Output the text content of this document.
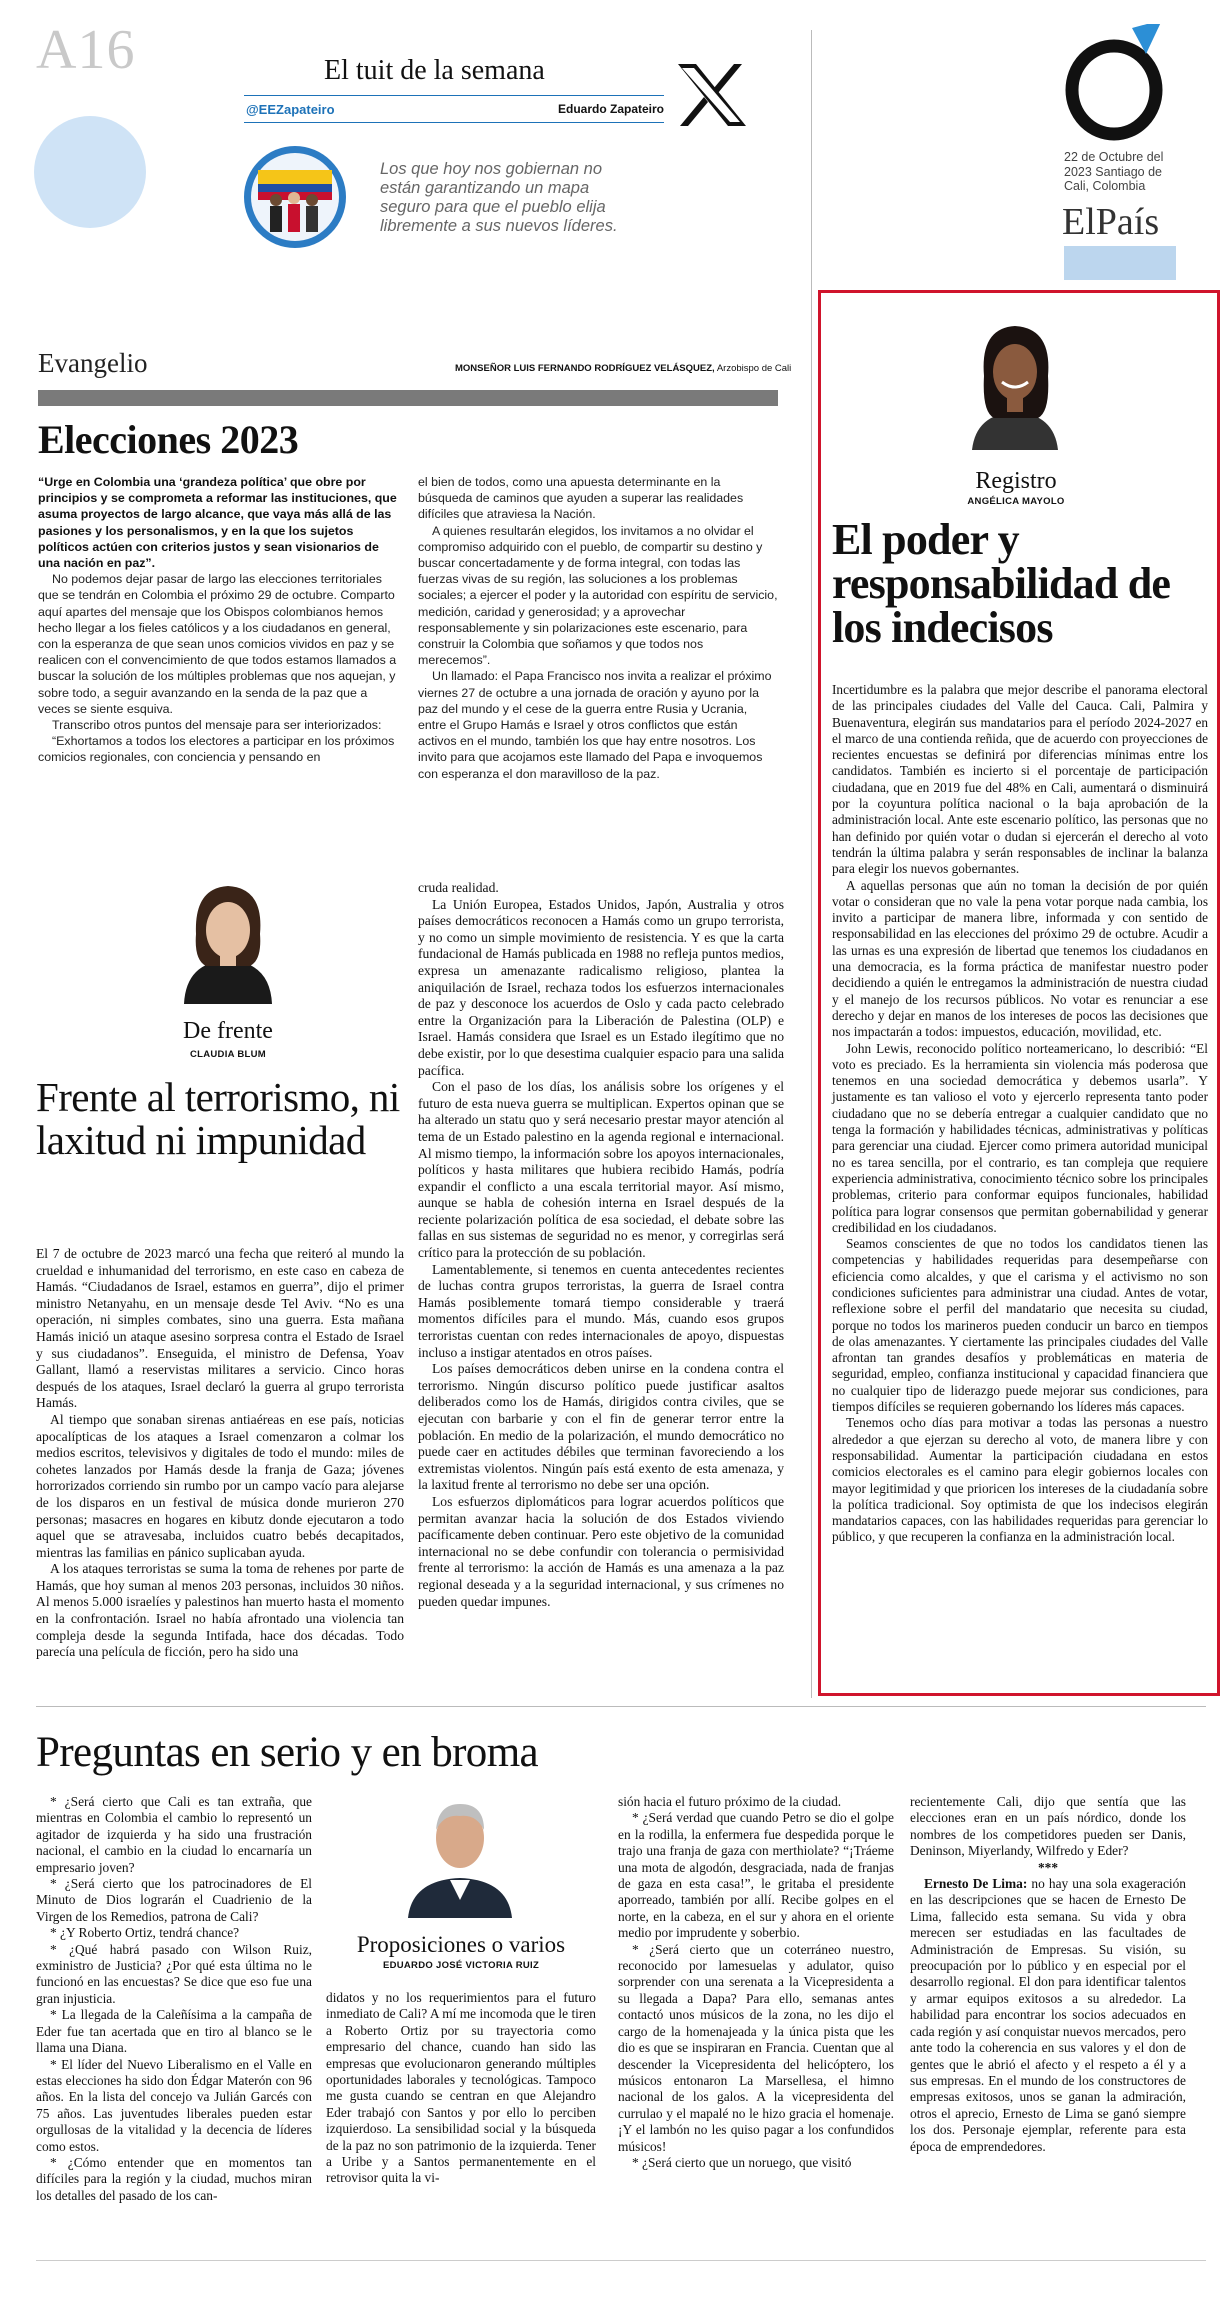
A16	El tuit de la semana
@EEZapateiro	Eduardo Zapateiro
Los que hoy nos gobiernan no están garantizando un mapa seguro para que el pueblo elija libremente a sus nuevos líderes.
22 de Octubre del 2023 Santiago de Cali, Colombia
ElPaís
Evangelio	MONSEÑOR LUIS FERNANDO RODRÍGUEZ VELÁSQUEZ, Arzobispo de Cali
Elecciones 2023

“Urge en Colombia una ‘grandeza política’ que obre por principios y se comprometa a reformar las instituciones, que asuma proyectos de largo alcance, que vaya más allá de las pasiones y los personalismos, y en la que los sujetos políticos actúen con criterios justos y sean visionarios de una nación en paz”.

No podemos dejar pasar de largo las elecciones territoriales que se tendrán en Colombia el próximo 29 de octubre. Comparto aquí apartes del mensaje que los Obispos colombianos hemos hecho llegar a los fieles católicos y a los ciudadanos en general, con la esperanza de que sean unos comicios vividos en paz y se realicen con el convencimiento de que todos estamos llamados a buscar la solución de los múltiples problemas que nos aquejan, y sobre todo, a seguir avanzando en la senda de la paz que a veces se siente esquiva.

Transcribo otros puntos del mensaje para ser interiorizados:

“Exhortamos a todos los electores a participar en los próximos comicios regionales, con conciencia y pensando en

el bien de todos, como una apuesta determinante en la búsqueda de caminos que ayuden a superar las realidades difíciles que atraviesa la Nación.

A quienes resultarán elegidos, los invitamos a no olvidar el compromiso adquirido con el pueblo, de compartir su destino y buscar concertadamente y de forma integral, con todas las fuerzas vivas de su región, las soluciones a los problemas sociales; a ejercer el poder y la autoridad con espíritu de servicio, medición, caridad y generosidad; y a aprovechar responsablemente y sin polarizaciones este escenario, para construir la Colombia que soñamos y que todos nos merecemos”.

Un llamado: el Papa Francisco nos invita a realizar el próximo viernes 27 de octubre a una jornada de oración y ayuno por la paz del mundo y el cese de la guerra entre Rusia y Ucrania, entre el Grupo Hamás e Israel y otros conflictos que están activos en el mundo, también los que hay entre nosotros. Los invito para que acojamos este llamado del Papa e invoquemos con esperanza el don maravilloso de la paz.

De frente
CLAUDIA BLUM
Frente al terrorismo, ni laxitud ni impunidad

El 7 de octubre de 2023 marcó una fecha que reiteró al mundo la crueldad e inhumanidad del terrorismo, en este caso en cabeza de Hamás. “Ciudadanos de Israel, estamos en guerra”, dijo el primer ministro Netanyahu, en un mensaje desde Tel Aviv. “No es una operación, ni simples combates, sino una guerra. Esta mañana Hamás inició un ataque asesino sorpresa contra el Estado de Israel y sus ciudadanos”. Enseguida, el ministro de Defensa, Yoav Gallant, llamó a reservistas militares a servicio. Cinco horas después de los ataques, Israel declaró la guerra al grupo terrorista Hamás.

Al tiempo que sonaban sirenas antiaéreas en ese país, noticias apocalípticas de los ataques a Israel comenzaron a colmar los medios escritos, televisivos y digitales de todo el mundo: miles de cohetes lanzados por Hamás desde la franja de Gaza; jóvenes horrorizados corriendo sin rumbo por un campo vacío para alejarse de los disparos en un festival de música donde murieron 270 personas; masacres en hogares en kibutz donde ejecutaron a todo aquel que se atravesaba, incluidos cuatro bebés decapitados, mientras las familias en pánico suplicaban ayuda.

A los ataques terroristas se suma la toma de rehenes por parte de Hamás, que hoy suman al menos 203 personas, incluidos 30 niños. Al menos 5.000 israelíes y palestinos han muerto hasta el momento en la confrontación. Israel no había afrontado una violencia tan compleja desde la segunda Intifada, hace dos décadas. Todo parecía una película de ficción, pero ha sido una

cruda realidad.

La Unión Europea, Estados Unidos, Japón, Australia y otros países democráticos reconocen a Hamás como un grupo terrorista, y no como un simple movimiento de resistencia. Y es que la carta fundacional de Hamás publicada en 1988 no refleja puntos medios, expresa un amenazante radicalismo religioso, plantea la aniquilación de Israel, rechaza todos los esfuerzos internacionales de paz y desconoce los acuerdos de Oslo y cada pacto celebrado entre la Organización para la Liberación de Palestina (OLP) e Israel. Hamás considera que Israel es un Estado ilegítimo que no debe existir, por lo que desestima cualquier espacio para una salida pacífica.

Con el paso de los días, los análisis sobre los orígenes y el futuro de esta nueva guerra se multiplican. Expertos opinan que se ha alterado un statu quo y será necesario prestar mayor atención al tema de un Estado palestino en la agenda regional e internacional. Al mismo tiempo, la información sobre los apoyos internacionales, políticos y hasta militares que hubiera recibido Hamás, podría expandir el conflicto a una escala territorial mayor. Así mismo, aunque se habla de cohesión interna en Israel después de la reciente polarización política de esa sociedad, el debate sobre las fallas en sus sistemas de seguridad no es menor, y corregirlas será crítico para la protección de su población.

Lamentablemente, si tenemos en cuenta antecedentes recientes de luchas contra grupos terroristas, la guerra de Israel contra Hamás posiblemente tomará tiempo considerable y traerá momentos difíciles para el mundo. Más, cuando esos grupos terroristas cuentan con redes internacionales de apoyo, dispuestas incluso a instigar atentados en otros países.

Los países democráticos deben unirse en la condena contra el terrorismo. Ningún discurso político puede justificar asaltos deliberados como los de Hamás, dirigidos contra civiles, que se ejecutan con barbarie y con el fin de generar terror entre la población. En medio de la polarización, el mundo democrático no puede caer en actitudes débiles que terminan favoreciendo a los extremistas violentos. Ningún país está exento de esta amenaza, y la laxitud frente al terrorismo no debe ser una opción.

Los esfuerzos diplomáticos para lograr acuerdos políticos que permitan avanzar hacia la solución de dos Estados viviendo pacíficamente deben continuar. Pero este objetivo de la comunidad internacional no se debe confundir con tolerancia o permisividad frente al terrorismo: la acción de Hamás es una amenaza a la paz regional deseada y a la seguridad internacional, y sus crímenes no pueden quedar impunes.

Registro
ANGÉLICA MAYOLO
El poder y responsabilidad de los indecisos

Incertidumbre es la palabra que mejor describe el panorama electoral de las principales ciudades del Valle del Cauca. Cali, Palmira y Buenaventura, elegirán sus mandatarios para el período 2024-2027 en el marco de una contienda reñida, que de acuerdo con proyecciones de recientes encuestas se definirá por diferencias mínimas entre los candidatos. También es incierto si el porcentaje de participación ciudadana, que en 2019 fue del 48% en Cali, aumentará o disminuirá por la coyuntura política nacional o la baja aprobación de la administración local. Ante este escenario político, las personas que no han definido por quién votar o dudan si ejercerán el derecho al voto tendrán la última palabra y serán responsables de inclinar la balanza para elegir los nuevos gobernantes.

A aquellas personas que aún no toman la decisión de por quién votar o consideran que no vale la pena votar porque nada cambia, los invito a participar de manera libre, informada y con sentido de responsabilidad en las elecciones del próximo 29 de octubre. Acudir a las urnas es una expresión de libertad que tenemos los ciudadanos en una democracia, es la forma práctica de manifestar nuestro poder decidiendo a quién le entregamos la administración de nuestra ciudad y el manejo de los recursos públicos. No votar es renunciar a ese derecho y dejar en manos de los intereses de pocos las decisiones que nos impactarán a todos: impuestos, educación, movilidad, etc.

John Lewis, reconocido político norteamericano, lo describió: “El voto es preciado. Es la herramienta sin violencia más poderosa que tenemos en una sociedad democrática y debemos usarla”. Y justamente es tan valioso el voto y ejercerlo representa tanto poder ciudadano que no se debería entregar a cualquier candidato que no tenga la formación y habilidades técnicas, administrativas y políticas para gerenciar una ciudad. Ejercer como primera autoridad municipal no es tarea sencilla, por el contrario, es tan compleja que requiere experiencia administrativa, conocimiento técnico sobre los principales problemas, criterio para conformar equipos funcionales, habilidad política para lograr consensos que permitan gobernabilidad y generar credibilidad en los ciudadanos.

Seamos conscientes de que no todos los candidatos tienen las competencias y habilidades requeridas para desempeñarse con eficiencia como alcaldes, y que el carisma y el activismo no son condiciones suficientes para administrar una ciudad. Antes de votar, reflexione sobre el perfil del mandatario que necesita su ciudad, porque no todos los marineros pueden conducir un barco en tiempos de olas amenazantes. Y ciertamente las principales ciudades del Valle afrontan tan grandes desafíos y problemáticas en materia de seguridad, empleo, confianza institucional y capacidad financiera que no cualquier tipo de liderazgo puede mejorar sus condiciones, para tiempos difíciles se requieren gobernando los líderes más capaces.

Tenemos ocho días para motivar a todas las personas a nuestro alrededor a que ejerzan su derecho al voto, de manera libre y con responsabilidad. Aumentar la participación ciudadana en estos comicios electorales es el camino para elegir gobiernos locales con mayor legitimidad y que prioricen los intereses de la ciudadanía sobre la política tradicional. Soy optimista de que los indecisos elegirán mandatarios capaces, con las habilidades requeridas para gerenciar lo público, y que recuperen la confianza en la administración local.

Preguntas en serio y en broma

* ¿Será cierto que Cali es tan extraña, que mientras en Colombia el cambio lo representó un agitador de izquierda y ha sido una frustración nacional, el cambio en la ciudad lo encarnaría un empresario joven?

* ¿Será cierto que los patrocinadores de El Minuto de Dios lograrán el Cuadrienio de la Virgen de los Remedios, patrona de Cali?

* ¿Y Roberto Ortiz, tendrá chance?

* ¿Qué habrá pasado con Wilson Ruiz, exministro de Justicia? ¿Por qué esta última no le funcionó en las encuestas? Se dice que eso fue una gran injusticia.

* La llegada de la Caleñísima a la campaña de Eder fue tan acertada que en tiro al blanco se le llama una Diana.

* El líder del Nuevo Liberalismo en el Valle en estas elecciones ha sido don Édgar Materón con 96 años. En la lista del concejo va Julián Garcés con 75 años. Las juventudes liberales pueden estar orgullosas de la vitalidad y la decencia de líderes como estos.

* ¿Cómo entender que en momentos tan difíciles para la región y la ciudad, muchos miran los detalles del pasado de los can-

Proposiciones o varios
EDUARDO JOSÉ VICTORIA RUIZ

didatos y no los requerimientos para el futuro inmediato de Cali? A mí me incomoda que le tiren a Roberto Ortiz por su trayectoria como empresario del chance, cuando han sido las empresas que evolucionaron generando múltiples oportunidades laborales y tecnológicas. Tampoco me gusta cuando se centran en que Alejandro Eder trabajó con Santos y por ello lo perciben izquierdoso. La sensibilidad social y la búsqueda de la paz no son patrimonio de la izquierda. Tener a Uribe y a Santos permanentemente en el retrovisor quita la vi-

sión hacia el futuro próximo de la ciudad.

* ¿Será verdad que cuando Petro se dio el golpe en la rodilla, la enfermera fue despedida porque le trajo una franja de gaza con merthiolate? “¡Tráeme una mota de algodón, desgraciada, nada de franjas de gaza en esta casa!”, le gritaba el presidente aporreado, también por allí. Recibe golpes en el norte, en la cabeza, en el sur y ahora en el oriente medio por imprudente y soberbio.

* ¿Será cierto que un coterráneo nuestro, reconocido por lamesuelas y adulator, quiso sorprender con una serenata a la Vicepresidenta a su llegada a Dapa? Para ello, semanas antes contactó unos músicos de la zona, no les dijo el cargo de la homenajeada y la única pista que les dio es que se inspiraran en Francia. Cuentan que al descender la Vicepresidenta del helicóptero, los músicos entonaron La Marsellesa, el himno nacional de los galos. A la vicepresidenta del currulao y el mapalé no le hizo gracia el homenaje. ¡Y el lambón no les quiso pagar a los confundidos músicos!

* ¿Será cierto que un noruego, que visitó

recientemente Cali, dijo que sentía que las elecciones eran en un país nórdico, donde los nombres de los competidores pueden ser Danis, Deninson, Miyerlandy, Wilfredo y Eder?

***

Ernesto De Lima: no hay una sola exageración en las descripciones que se hacen de Ernesto De Lima, fallecido esta semana. Su vida y obra merecen ser estudiadas en las facultades de Administración de Empresas. Su visión, su preocupación por lo público y en especial por el desarrollo regional. El don para identificar talentos y armar equipos exitosos a su alrededor. La habilidad para encontrar los socios adecuados en cada región y así conquistar nuevos mercados, pero ante todo la coherencia en sus valores y el don de gentes que le abrió el afecto y el respeto a él y a sus empresas. En el mundo de los constructores de empresas exitosos, unos se ganan la admiración, otros el aprecio, Ernesto de Lima se ganó siempre los dos. Personaje ejemplar, referente para esta época de emprendedores.
